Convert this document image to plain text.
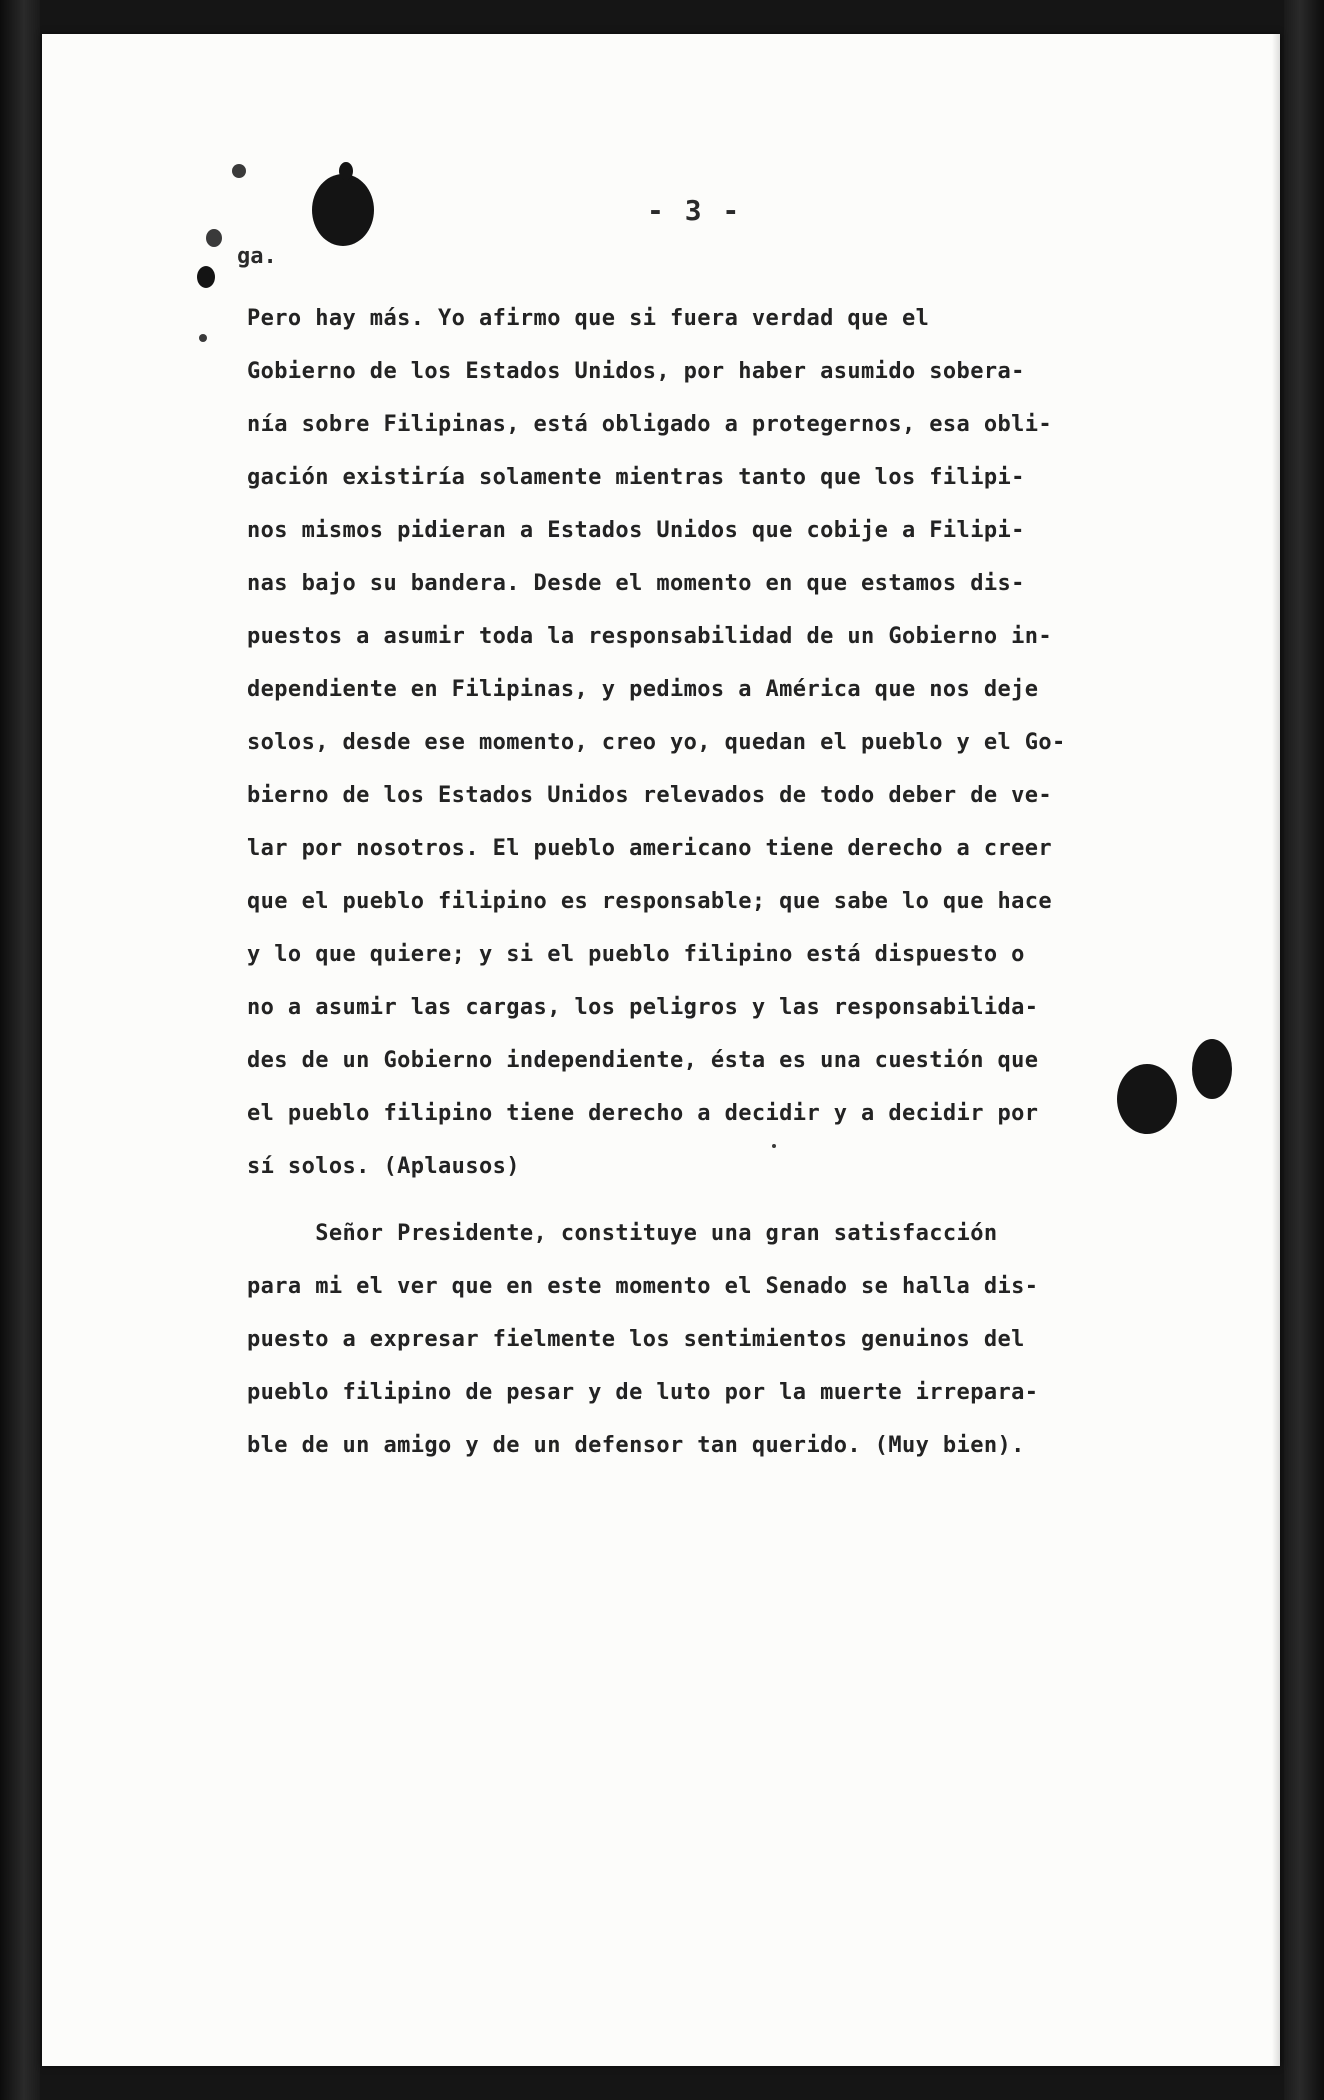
- 3 -
ga.
Pero hay más. Yo afirmo que si fuera verdad que el
Gobierno de los Estados Unidos, por haber asumido sobera-
nía sobre Filipinas, está obligado a protegernos, esa obli-
gación existiría solamente mientras tanto que los filipi-
nos mismos pidieran a Estados Unidos que cobije a Filipi-
nas bajo su bandera. Desde el momento en que estamos dis-
puestos a asumir toda la responsabilidad de un Gobierno in-
dependiente en Filipinas, y pedimos a América que nos deje
solos, desde ese momento, creo yo, quedan el pueblo y el Go-
bierno de los Estados Unidos relevados de todo deber de ve-
lar por nosotros. El pueblo americano tiene derecho a creer
que el pueblo filipino es responsable; que sabe lo que hace
y lo que quiere; y si el pueblo filipino está dispuesto o
no a asumir las cargas, los peligros y las responsabilida-
des de un Gobierno independiente, ésta es una cuestión que
el pueblo filipino tiene derecho a decidir y a decidir por
sí solos. (Aplausos)
Señor Presidente, constituye una gran satisfacción
para mi el ver que en este momento el Senado se halla dis-
puesto a expresar fielmente los sentimientos genuinos del
pueblo filipino de pesar y de luto por la muerte irrepara-
ble de un amigo y de un defensor tan querido. (Muy bien).
